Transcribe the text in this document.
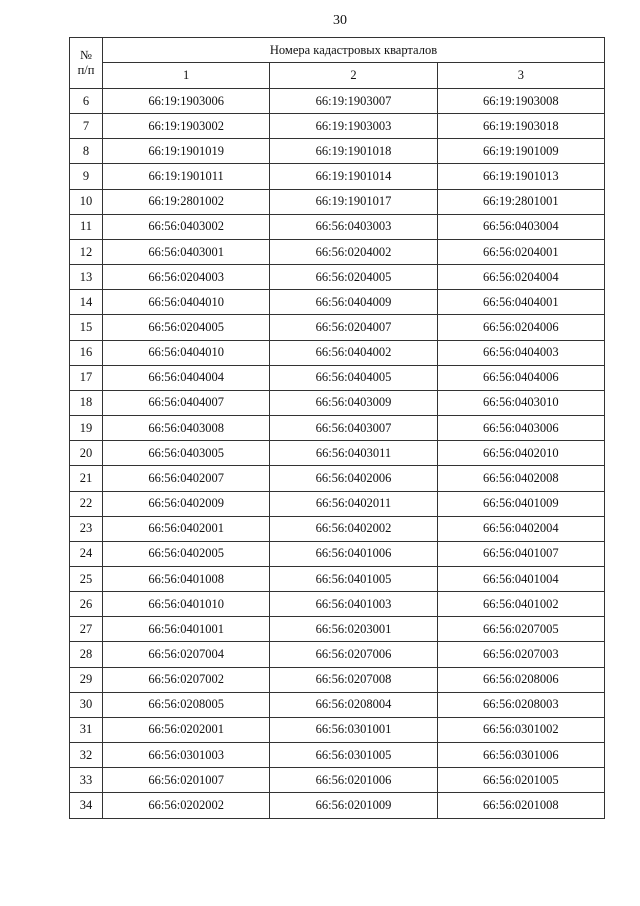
30
№
п/п	Номера кадастровых кварталов		
	1	2	3
6	66:19:1903006	66:19:1903007	66:19:1903008
7	66:19:1903002	66:19:1903003	66:19:1903018
8	66:19:1901019	66:19:1901018	66:19:1901009
9	66:19:1901011	66:19:1901014	66:19:1901013
10	66:19:2801002	66:19:1901017	66:19:2801001
11	66:56:0403002	66:56:0403003	66:56:0403004
12	66:56:0403001	66:56:0204002	66:56:0204001
13	66:56:0204003	66:56:0204005	66:56:0204004
14	66:56:0404010	66:56:0404009	66:56:0404001
15	66:56:0204005	66:56:0204007	66:56:0204006
16	66:56:0404010	66:56:0404002	66:56:0404003
17	66:56:0404004	66:56:0404005	66:56:0404006
18	66:56:0404007	66:56:0403009	66:56:0403010
19	66:56:0403008	66:56:0403007	66:56:0403006
20	66:56:0403005	66:56:0403011	66:56:0402010
21	66:56:0402007	66:56:0402006	66:56:0402008
22	66:56:0402009	66:56:0402011	66:56:0401009
23	66:56:0402001	66:56:0402002	66:56:0402004
24	66:56:0402005	66:56:0401006	66:56:0401007
25	66:56:0401008	66:56:0401005	66:56:0401004
26	66:56:0401010	66:56:0401003	66:56:0401002
27	66:56:0401001	66:56:0203001	66:56:0207005
28	66:56:0207004	66:56:0207006	66:56:0207003
29	66:56:0207002	66:56:0207008	66:56:0208006
30	66:56:0208005	66:56:0208004	66:56:0208003
31	66:56:0202001	66:56:0301001	66:56:0301002
32	66:56:0301003	66:56:0301005	66:56:0301006
33	66:56:0201007	66:56:0201006	66:56:0201005
34	66:56:0202002	66:56:0201009	66:56:0201008
